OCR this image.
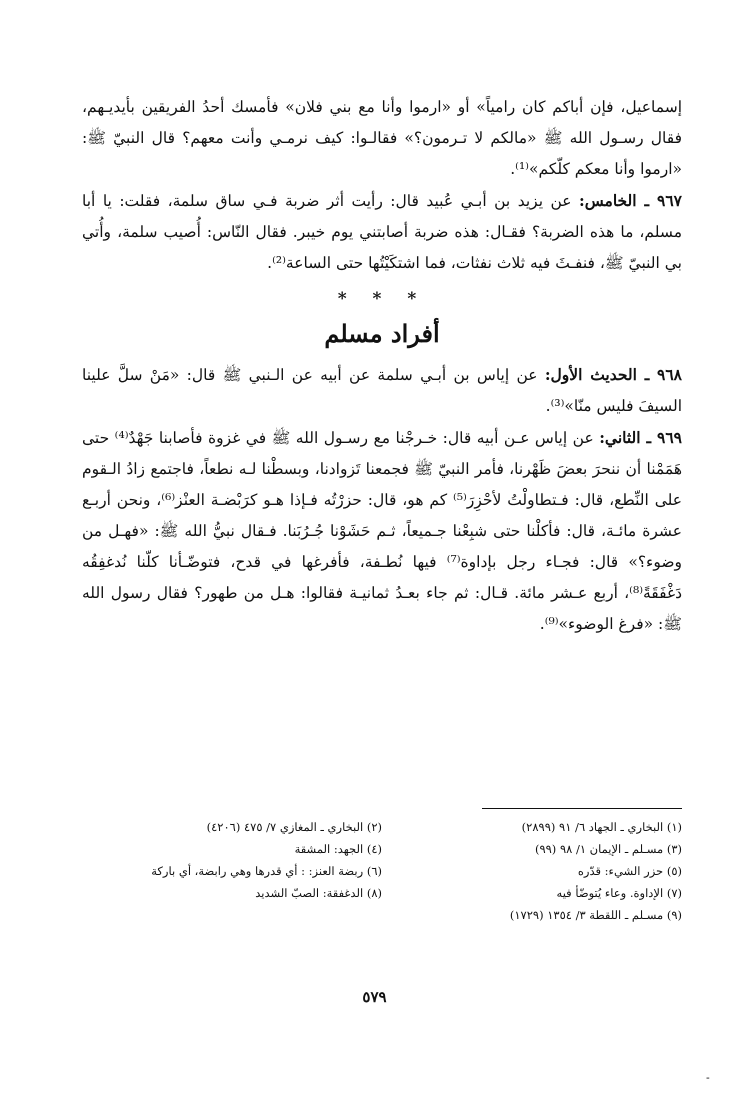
إسماعيل، فإن أباكم كان رامياً» أو «ارموا وأنا مع بني فلان» فأمسك أحدُ الفريقين بأيديـهم، فقال رسـول الله ﷺ «مالكم لا تـرمون؟» فقالـوا: كيف نرمـي وأنت معهم؟ قال النبيّ ﷺ: «ارموا وأنا معكم كلّكم»⁽¹⁾.

٩٦٧ ـ الخامس: عن يزيد بن أبـي عُبيد قال: رأيت أثر ضربة فـي ساق سلمة، فقلت: يا أبا مسلم، ما هذه الضربة؟ فقـال: هذه ضربة أصابتني يوم خيبر. فقال النّاس: أُصيب سلمة، وأُتي بي النبيّ ﷺ، فنفـثَ فيه ثلاث نفثات، فما اشتكَيْتُها حتى الساعة⁽²⁾.

* * *
أفراد مسلم

٩٦٨ ـ الحديث الأول: عن إياس بن أبـي سلمة عن أبيه عن الـنبي ﷺ قال: «مَنْ سلَّ علينا السيفَ فليس منّا»⁽³⁾.

٩٦٩ ـ الثاني: عن إياس عـن أبيه قال: خـرجْنا مع رسـول الله ﷺ في غزوة فأصابنا جَهْدٌ⁽⁴⁾ حتى هَمَمْنا أن ننحرَ بعضَ ظَهْرنا، فأمر النبيّ ﷺ فجمعنا تَزوادنا، وبسطْنا لـه نطعاً، فاجتمع زادُ الـقوم على النِّطع، قال: فـتطاولْتُ لأحْزِرَ⁽⁵⁾ كم هو، قال: حزرْتُه فـإذا هـو كرَبْضـة العنْز⁽⁶⁾، ونحن أربـع عشرة مائـة، قال: فأكلْنا حتى شبِعْنا جـميعاً، ثـم حَشَوْنا جُـرُبَنا. فـقال نبيُّ الله ﷺ: «فهـل من وضوء؟» قال: فجـاء رجل بإداوة⁽⁷⁾ فيها نُطـفة، فأفرغها في قدح، فتوضّـأنا كلّنا نُدغفِقُه دَغْفَقَةً⁽⁸⁾، أربع عـشر مائة. قـال: ثم جاء بعـدُ ثمانيـة فقالوا: هـل من طهور؟ فقال رسول الله ﷺ: «فرغ الوضوء»⁽⁹⁾.

(١) البخاري ـ الجهاد ٦/ ٩١ (٢٨٩٩)
(٢) البخاري ـ المغازي ٧/ ٤٧٥ (٤٢٠٦)
(٣) مسـلم ـ الإيمان ١/ ٩٨ (٩٩)
(٤) الجهد: المشقة
(٥) حزر الشيء: قدّره
(٦) ربضة العنز: : أي قدرها وهي رابضة، أي باركة
(٧) الإداوة. وعاء يُتوضّأ فيه
(٨) الدغفقة: الصبّ الشديد
(٩) مسـلم ـ اللقطة ٣/ ١٣٥٤ (١٧٢٩)
٥٧٩
-
